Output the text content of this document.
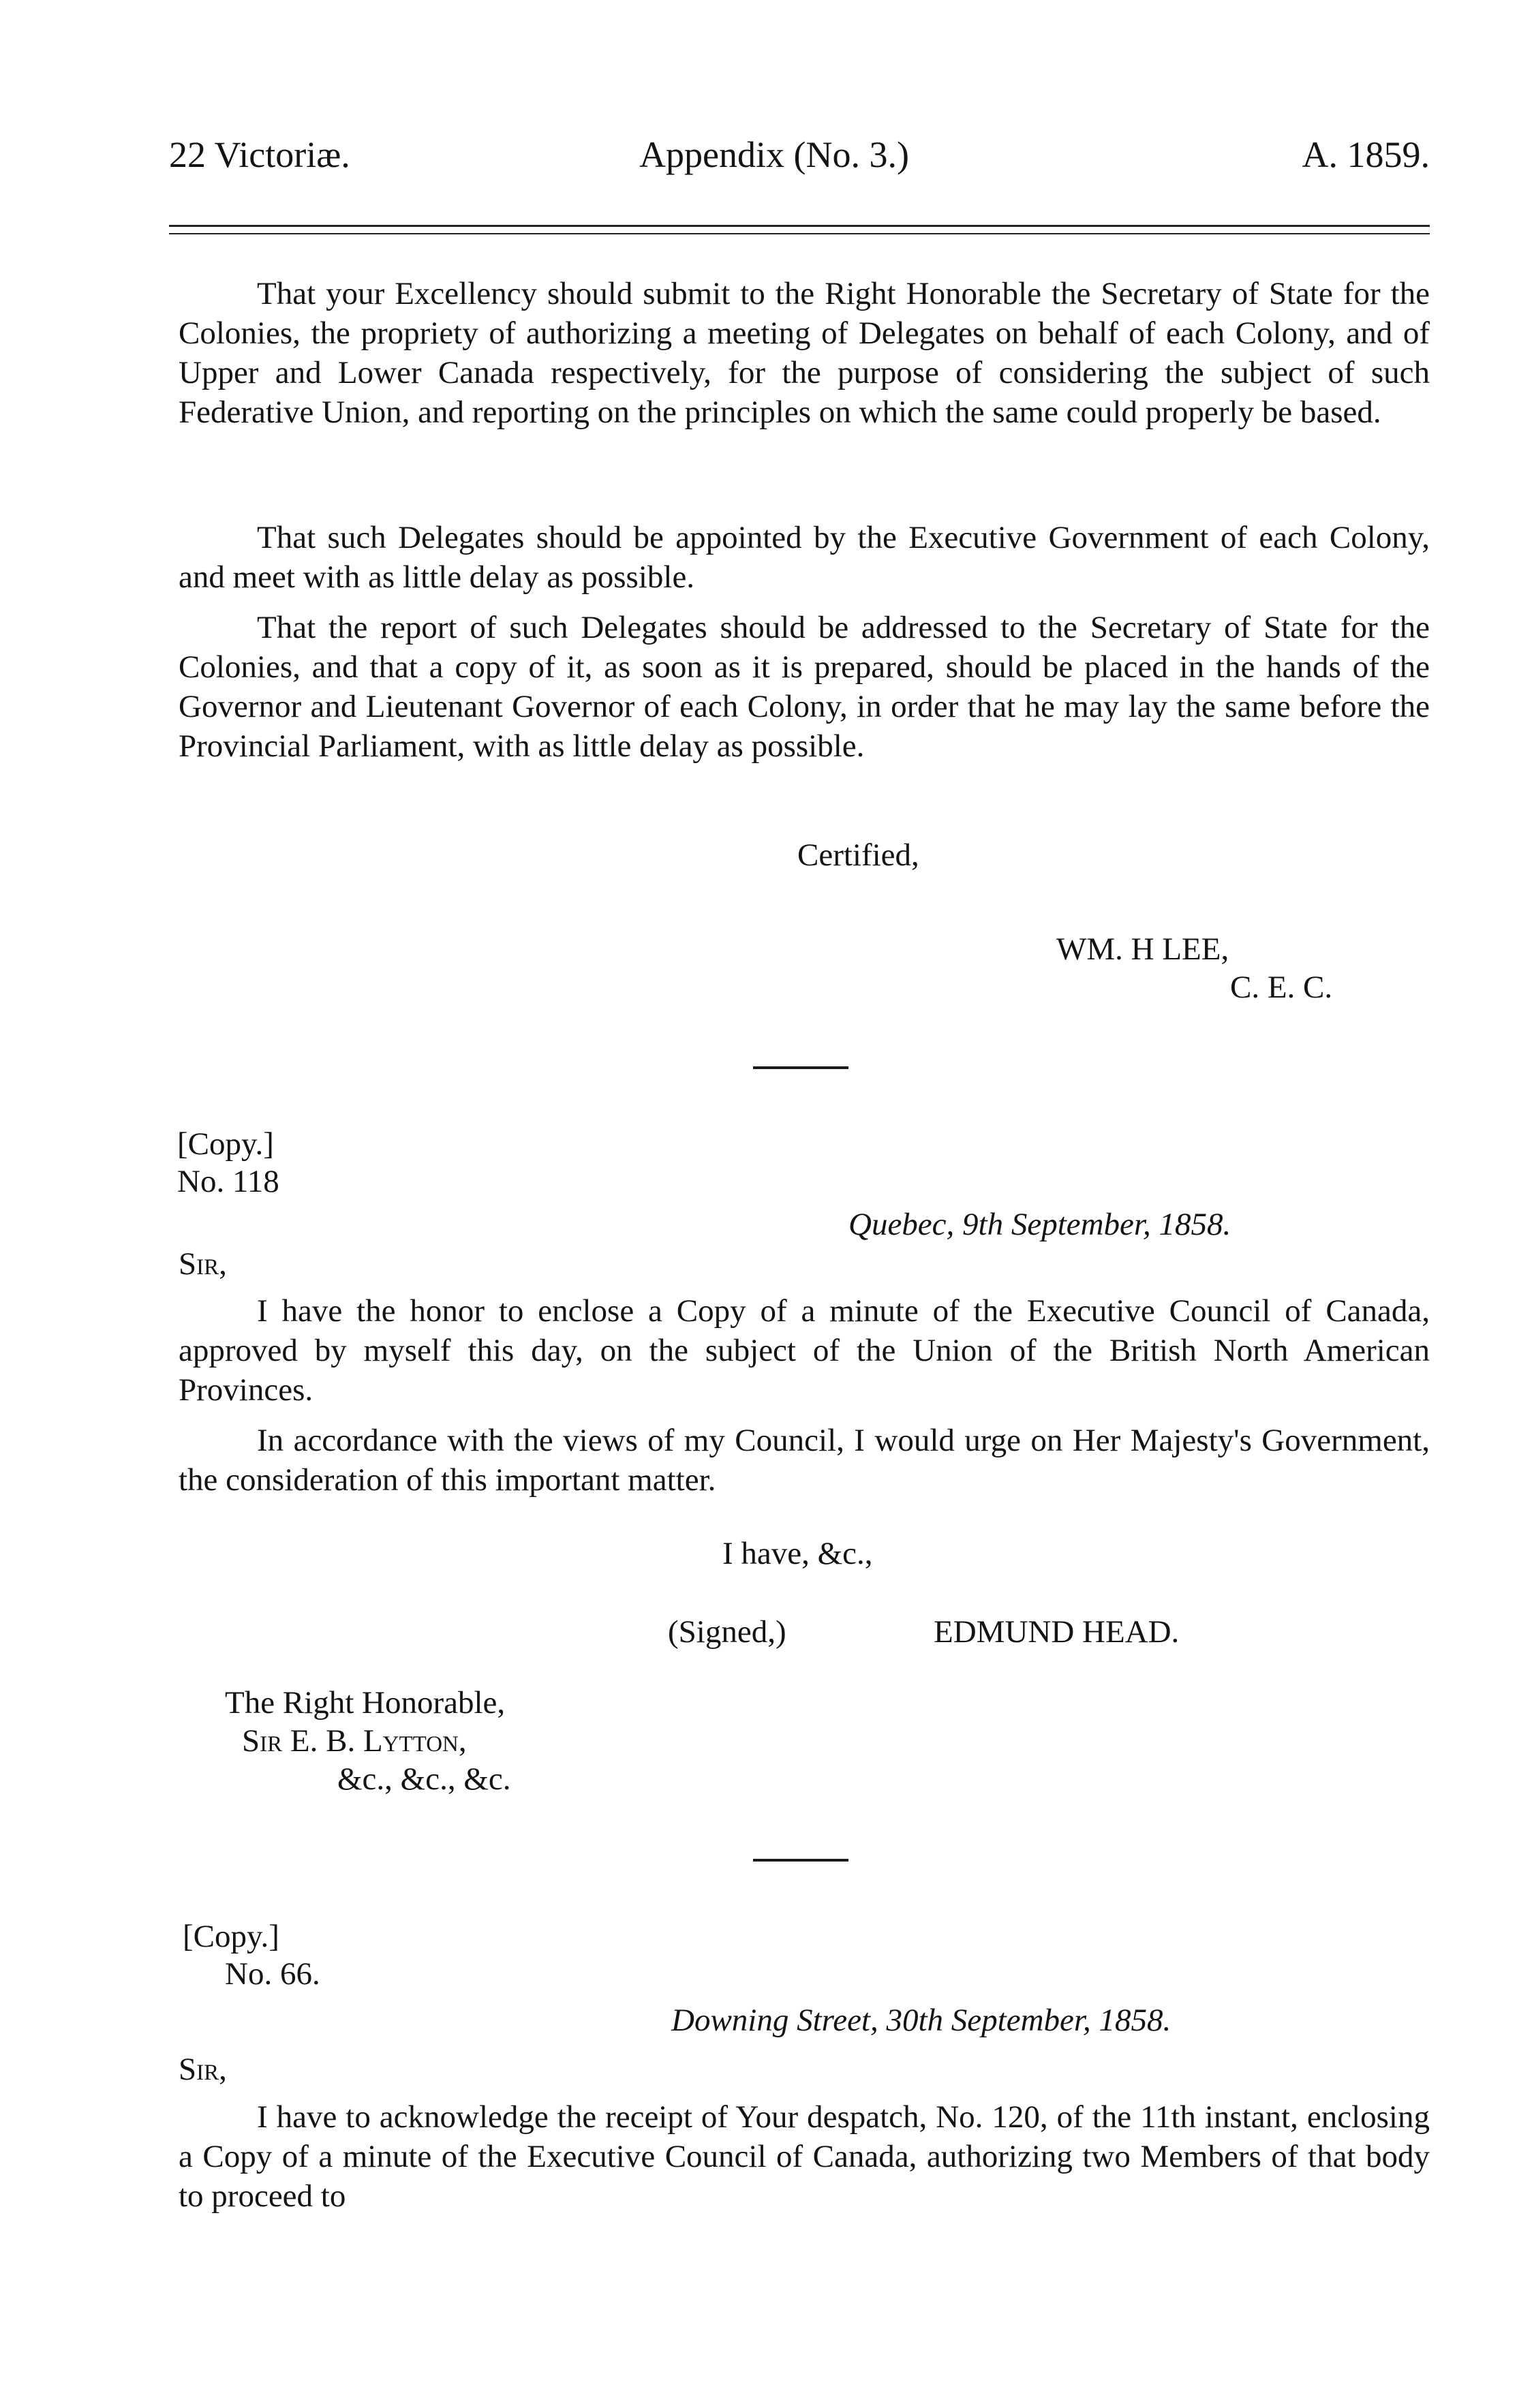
22 Victoriæ.	Appendix (No. 3.)	A. 1859.

That your Excellency should submit to the Right Honorable the Secretary of State for the Colonies, the propriety of authorizing a meeting of Delegates on behalf of each Colony, and of Upper and Lower Canada respectively, for the purpose of considering the subject of such Federative Union, and reporting on the principles on which the same could properly be based.

That such Delegates should be appointed by the Executive Government of each Colony, and meet with as little delay as possible.

That the report of such Delegates should be addressed to the Secretary of State for the Colonies, and that a copy of it, as soon as it is prepared, should be placed in the hands of the Governor and Lieutenant Governor of each Colony, in order that he may lay the same before the Provincial Parliament, with as little delay as possible.

Certified,
WM. H LEE,
C. E. C.
[Copy.]
No. 118
Quebec, 9th September, 1858.
Sir,

I have the honor to enclose a Copy of a minute of the Executive Council of Canada, approved by myself this day, on the subject of the Union of the British North American Provinces.

In accordance with the views of my Council, I would urge on Her Majesty's Government, the consideration of this important matter.

I have, &c.,
(Signed,)	EDMUND HEAD.
The Right Honorable,
Sir E. B. Lytton,
&c., &c., &c.
[Copy.]
No. 66.
Downing Street, 30th September, 1858.
Sir,

I have to acknowledge the receipt of Your despatch, No. 120, of the 11th instant, enclosing a Copy of a minute of the Executive Council of Canada, authorizing two Members of that body to proceed to
